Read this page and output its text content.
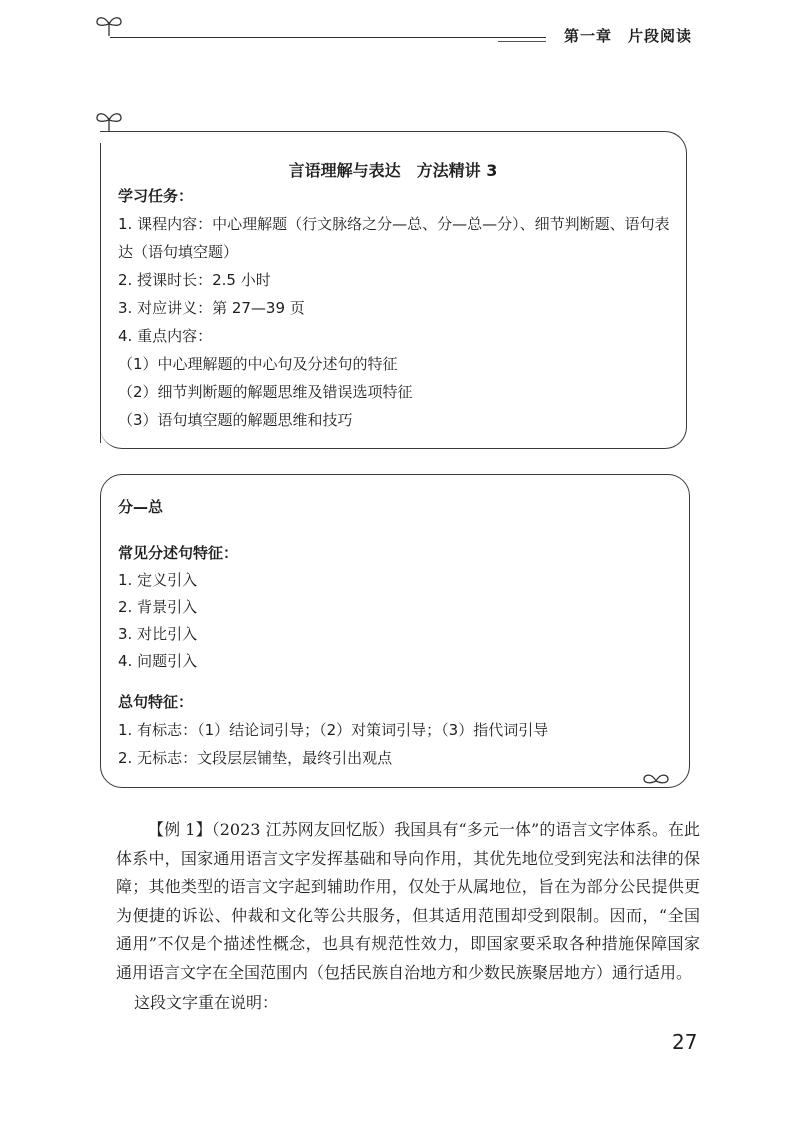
第一章　 片段阅读
言语理解与表达　方法精讲 3
学习任务：
1. 课程内容：中心理解题（行文脉络之分—总、分—总—分）、细节判断题、语句表
达（语句填空题）
2. 授课时长：2.5 小时
3. 对应讲义：第 27—39 页
4. 重点内容：
（1）中心理解题的中心句及分述句的特征
（2）细节判断题的解题思维及错误选项特征
（3）语句填空题的解题思维和技巧
分—总
常见分述句特征：
1. 定义引入
2. 背景引入
3. 对比引入
4. 问题引入
总句特征：
1. 有标志：（1）结论词引导；（2）对策词引导；（3）指代词引导
2. 无标志：文段层层铺垫，最终引出观点
【例 1】（2023 江苏网友回忆版）我国具有“多元一体”的语言文字体系。在此体系中，国家通用语言文字发挥基础和导向作用，其优先地位受到宪法和法律的保障；其他类型的语言文字起到辅助作用，仅处于从属地位，旨在为部分公民提供更为便捷的诉讼、仲裁和文化等公共服务，但其适用范围却受到限制。因而，“全国通用”不仅是个描述性概念，也具有规范性效力，即国家要采取各种措施保障国家通用语言文字在全国范围内（包括民族自治地方和少数民族聚居地方）通行适用。
这段文字重在说明：
27
